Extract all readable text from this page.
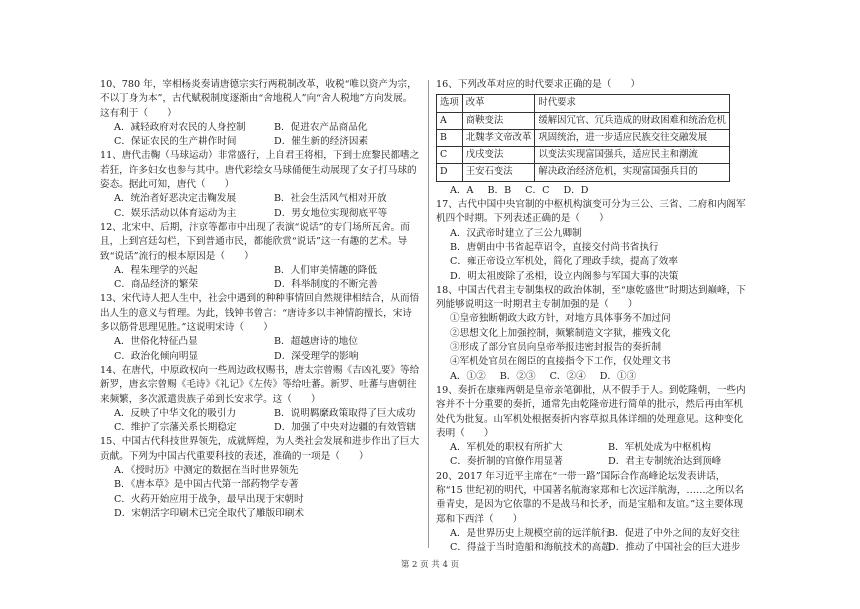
10、780 年，宰相杨炎奏请唐德宗实行两税制改革，收税“唯以资产为宗，不以丁身为本”，古代赋税制度逐渐由“舍地税人”向“舍人税地”方向发展。这有利于（　　）

A．减轻政府对农民的人身控制	B．促进农产品商品化
C．保证农民的生产耕作时间	D．催生新的经济因素

11、唐代击鞠（马球运动）非常盛行，上自君王将相，下到士庶黎民都嗜之若狂，许多妇女也参与其中。唐代彩绘女马球俑便生动展现了女子打马球的姿态。据此可知，唐代（　　）

A．统治者好恶决定击鞠发展	B．社会生活风气相对开放
C．娱乐活动以体育运动为主	D．男女地位实现彻底平等

12、北宋中、后期，汴京等都市中出现了表演“说话”的专门场所瓦舍。而且，上到宫廷勾栏，下到普通市民，都能欣赏“说话”这一有趣的艺术。导致“说话”流行的根本原因是（　　）

A．程朱理学的兴起	B．人们审美情趣的降低
C．商品经济的繁荣	D．科举制度的不断完善

13、宋代诗人把人生中，社会中遇到的种种事情回自然规律相结合，从而悟出人生的意义与哲理。为此，钱钟书曾言：“唐诗多以丰神情韵擅长，宋诗多以筋骨思理见胜。”这说明宋诗（　　）

A．世俗化特征凸显	B．超越唐诗的地位
C．政治化倾向明显	D．深受理学的影响

14、在唐代，中原政权向一些周边政权赐书，唐太宗曾赐《吉凶礼要》等给新罗，唐玄宗曾赐《毛诗》《礼记》《左传》等给吐蕃。新罗、吐蕃与唐朝往来频繁，多次派遣贵族子弟到长安求学。这（　　）

A．反映了中华文化的吸引力	B．说明羁縻政策取得了巨大成功
C．维护了宗藩关系长期稳定	D．加强了中央对边疆的有效管辖

15、中国古代科技世界领先，成就辉煌，为人类社会发展和进步作出了巨大贡献。下列为中国古代重要科技的表述，准确的一项是（　　）

A．《授时历》中测定的数据在当时世界领先
B．《唐本草》是中国古代第一部药物学专著
C．火药开始应用于战争，最早出现于宋朝时
D．宋朝活字印刷术已完全取代了雕版印刷术

16、下列改革对应的时代要求正确的是（　　）

选项	改革	时代要求
A	商鞅变法	缓解因冗官、冗兵造成的财政困难和统治危机
B	北魏孝文帝改革	巩固统治，进一步适应民族交往交融发展
C	戊戌变法	以变法实现富国强兵，适应民主和潮流
D	王安石变法	解决政治经济危机，实现富国强兵目的
A．A B．B C．C D．D

17、古代中国中央官制的中枢机构演变可分为三公、三省、二府和内阁军机四个时期。下列表述正确的是（　　）

A．汉武帝时建立了三公九卿制
B．唐朝由中书省起草诏令，直接交付尚书省执行
C．雍正帝设立军机处，简化了理政手续，提高了效率
D．明太祖废除了丞相，设立内阁参与军国大事的决策

18、中国古代君主专制集权的政治体制，至“康乾盛世”时期达到巅峰，下列能够说明这一时期君主专制加强的是（　　）

①皇帝独断朝政大政方针，对地方具体事务不加过问
②思想文化上加强控制，频繁制造文字狱，摧残文化
③形成了部分官员向皇帝举报违密封报告的奏折制
④军机处官员在阁臣的直接指令下工作，仅处理文书
A．①② B．②③ C．②④ D．①③

19、奏折在康雍两朝是皇帝亲笔御批，从不假手于人。到乾隆朝，一些内容并不十分重要的奏折，通常先由乾隆帝进行简单的批示，然后再由军机处代为批复。山军机处根据奏折内容草拟具体详细的处理意见。这种变化表明（　　）

A．军机处的职权有所扩大	B．军机处成为中枢机构
C．奏折制的官僚作用显著	D．君主专制统治达到顶峰

20、2017 年习近平主席在“一带一路”国际合作高峰论坛发表讲话，称“15 世纪初的明代，中国著名航海家郑和七次远洋航海，……之所以名垂青史，是因为它依靠的不是战马和长矛，而是宝船和友谊。”这主要体现郑和下西洋（　　）

A．是世界历史上规模空前的远洋航行
B．促进了中外之间的友好交往
C．得益于当时造船和海航技术的高超
D．推动了中国社会的巨大进步
第 2 页 共 4 页
